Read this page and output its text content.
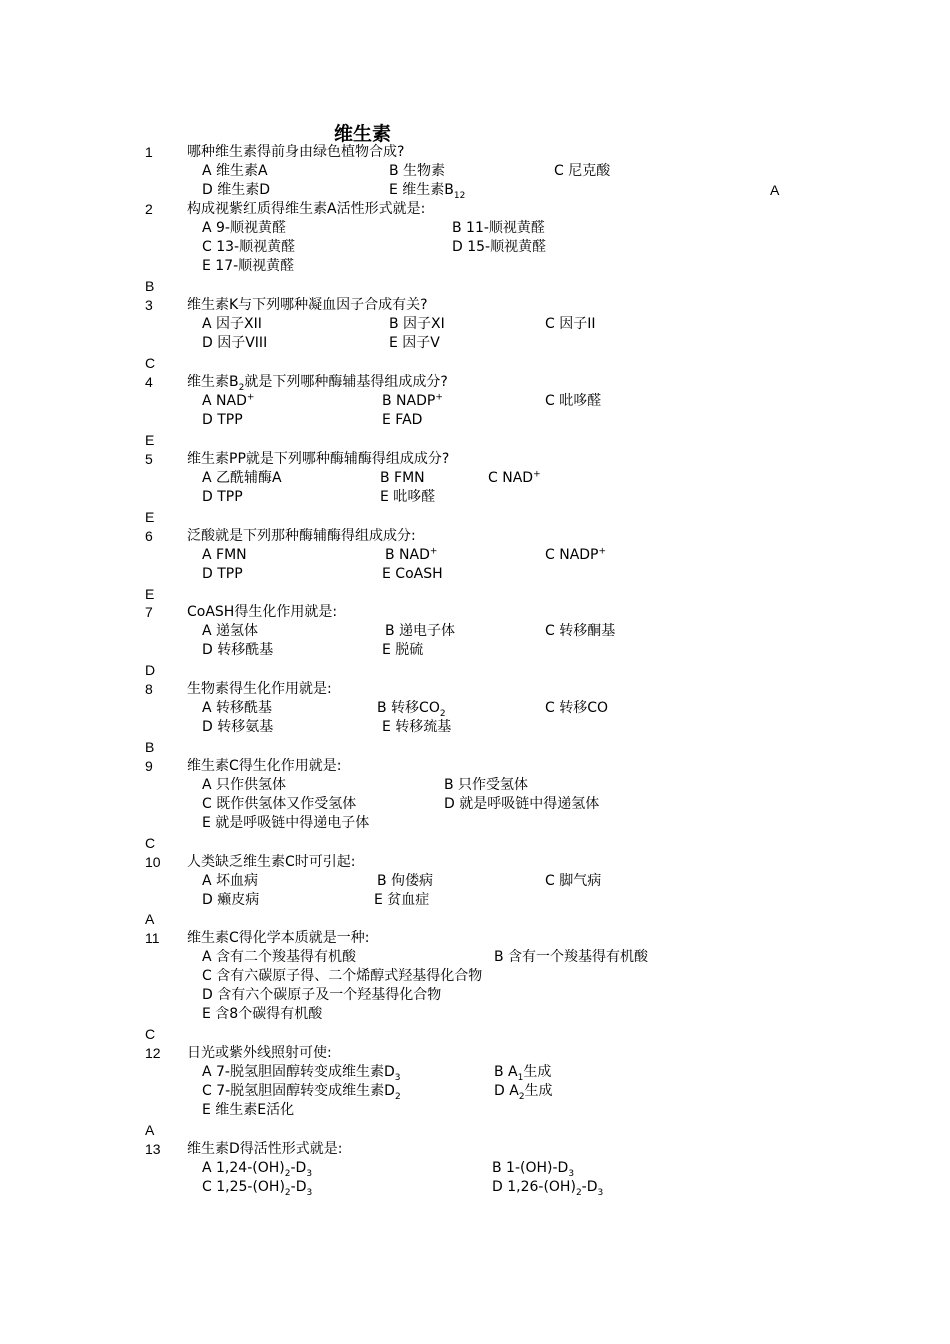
维生素
1 哪种维生素得前身由绿色植物合成?
A 维生素A	B 生物素	C 尼克酸
D 维生素D	E 维生素$B_{12}$	A
2 构成视紫红质得维生素A活性形式就是:
A 9-顺视黄醛	B 11-顺视黄醛
C 13-顺视黄醛	D 15-顺视黄醛
E 17-顺视黄醛
B
3 维生素K与下列哪种凝血因子合成有关?
A 因子XII	B 因子XI	C 因子II
D 因子VIII	E 因子V
C
4 维生素$B_2$就是下列哪种酶辅基得组成成分?
A NAD+	B NADP+	C 吡哆醛
D TPP	E FAD
E
5 维生素PP就是下列哪种酶辅酶得组成成分?
A 乙酰辅酶A	B FMN	C NAD+
D TPP	E 吡哆醛
E
6 泛酸就是下列那种酶辅酶得组成成分:
A FMN	B NAD+	C NADP+
D TPP	E CoASH
E
7 CoASH得生化作用就是:
A 递氢体	B 递电子体	C 转移酮基
D 转移酰基	E 脱硫
D
8 生物素得生化作用就是:
A 转移酰基	B 转移$CO_2$	C 转移CO
D 转移氨基	E 转移巯基
B
9 维生素C得生化作用就是:
A 只作供氢体	B 只作受氢体
C 既作供氢体又作受氢体	D 就是呼吸链中得递氢体
E 就是呼吸链中得递电子体
C
10 人类缺乏维生素C时可引起:
A 坏血病	B 佝偻病	C 脚气病
D 癞皮病	E 贫血症
A
11 维生素C得化学本质就是一种:
A 含有二个羧基得有机酸	B 含有一个羧基得有机酸
C 含有六碳原子得、二个烯醇式羟基得化合物
D 含有六个碳原子及一个羟基得化合物
E 含8个碳得有机酸
C
12 日光或紫外线照射可使:
A 7-脱氢胆固醇转变成维生素$D_3$	B $A_1$生成
C 7-脱氢胆固醇转变成维生素$D_2$	D $A_2$生成
E 维生素E活化
A
13 维生素D得活性形式就是:
A $1,24-(OH)_2-D_3$	B $1-(OH)-D_3$
C $1,25-(OH)_2-D_3$	D $1,26-(OH)_2-D_3$
